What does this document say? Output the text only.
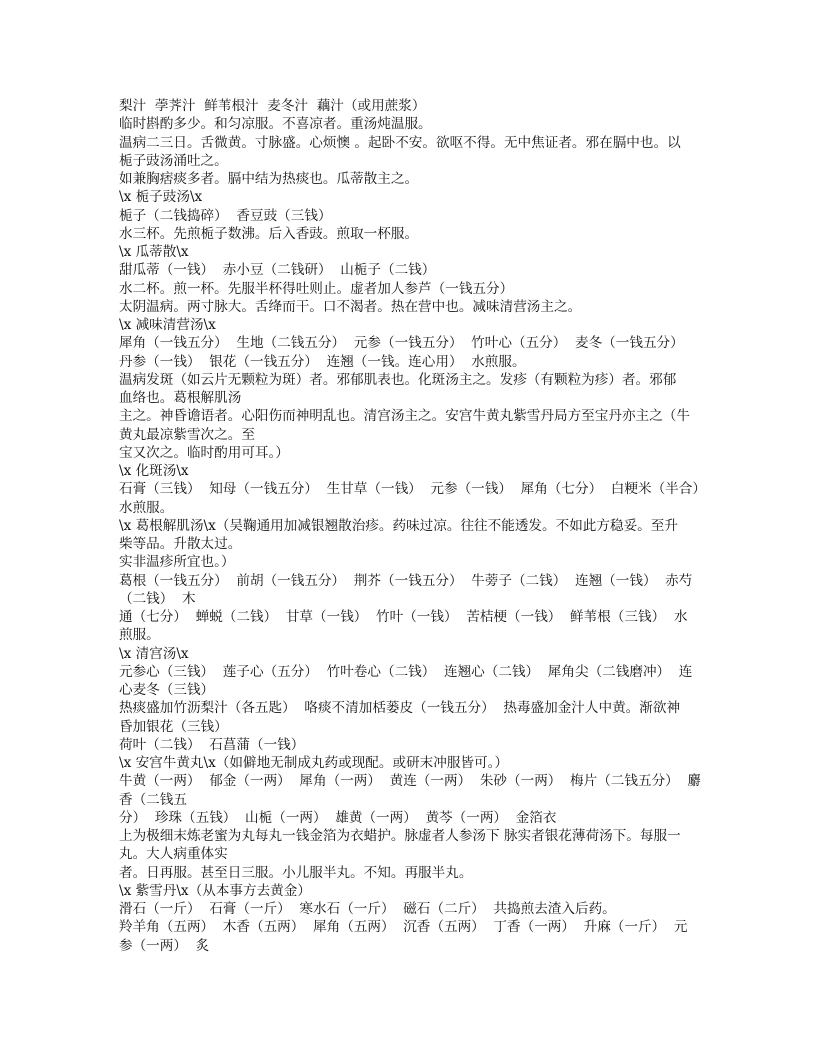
梨汁  荸荠汁  鲜苇根汁  麦冬汁  藕汁（或用蔗浆）
临时斟酌多少。和匀凉服。不喜凉者。重汤炖温服。
温病二三日。舌微黄。寸脉盛。心烦懊 。起卧不安。欲呕不得。无中焦证者。邪在膈中也。以
栀子豉汤涌吐之。
如兼胸痞痰多者。膈中结为热痰也。瓜蒂散主之。
\x 栀子豉汤\x
栀子（二钱捣碎）  香豆豉（三钱）
水三杯。先煎栀子数沸。后入香豉。煎取一杯服。
\x 瓜蒂散\x
甜瓜蒂（一钱）  赤小豆（二钱研）  山栀子（二钱）
水二杯。煎一杯。先服半杯得吐则止。虚者加人参芦（一钱五分）
太阴温病。两寸脉大。舌绛而干。口不渴者。热在营中也。减味清营汤主之。
\x 减味清营汤\x
犀角（一钱五分）  生地（二钱五分）  元参（一钱五分）  竹叶心（五分）  麦冬（一钱五分）
丹参（一钱）  银花（一钱五分）  连翘（一钱。连心用）  水煎服。
温病发斑（如云片无颗粒为斑）者。邪郁肌表也。化斑汤主之。发疹（有颗粒为疹）者。邪郁
血络也。葛根解肌汤
主之。神昏谵语者。心阳伤而神明乱也。清宫汤主之。安宫牛黄丸紫雪丹局方至宝丹亦主之（牛
黄丸最凉紫雪次之。至
宝又次之。临时酌用可耳。）
\x 化斑汤\x
石膏（三钱）  知母（一钱五分）  生甘草（一钱）  元参（一钱）  犀角（七分）  白粳米（半合）
水煎服。
\x 葛根解肌汤\x（吴鞠通用加减银翘散治疹。药味过凉。往往不能透发。不如此方稳妥。至升
柴等品。升散太过。
实非温疹所宜也。）
葛根（一钱五分）  前胡（一钱五分）  荆芥（一钱五分）  牛蒡子（二钱）  连翘（一钱）  赤芍
（二钱）  木
通（七分）  蝉蜕（二钱）  甘草（一钱）  竹叶（一钱）  苦桔梗（一钱）  鲜苇根（三钱）  水
煎服。
\x 清宫汤\x
元参心（三钱）  莲子心（五分）  竹叶卷心（二钱）  连翘心（二钱）  犀角尖（二钱磨冲）  连
心麦冬（三钱）
热痰盛加竹沥梨汁（各五匙）  咯痰不清加栝蒌皮（一钱五分）  热毒盛加金汁人中黄。渐欲神
昏加银花（三钱）
荷叶（二钱）  石菖蒲（一钱）
\x 安宫牛黄丸\x（如僻地无制成丸药或现配。或研末冲服皆可。）
牛黄（一两）  郁金（一两）  犀角（一两）  黄连（一两）  朱砂（一两）  梅片（二钱五分）  麝
香（二钱五
分）  珍珠（五钱）  山栀（一两）  雄黄（一两）  黄芩（一两）  金箔衣
上为极细末炼老蜜为丸每丸一钱金箔为衣蜡护。脉虚者人参汤下 脉实者银花薄荷汤下。每服一
丸。大人病重体实
者。日再服。甚至日三服。小儿服半丸。不知。再服半丸。
\x 紫雪丹\x（从本事方去黄金）
滑石（一斤）  石膏（一斤）  寒水石（一斤）  磁石（二斤）  共捣煎去渣入后药。
羚羊角（五两）  木香（五两）  犀角（五两）  沉香（五两）  丁香（一两）  升麻（一斤）  元
参（一两）  炙
